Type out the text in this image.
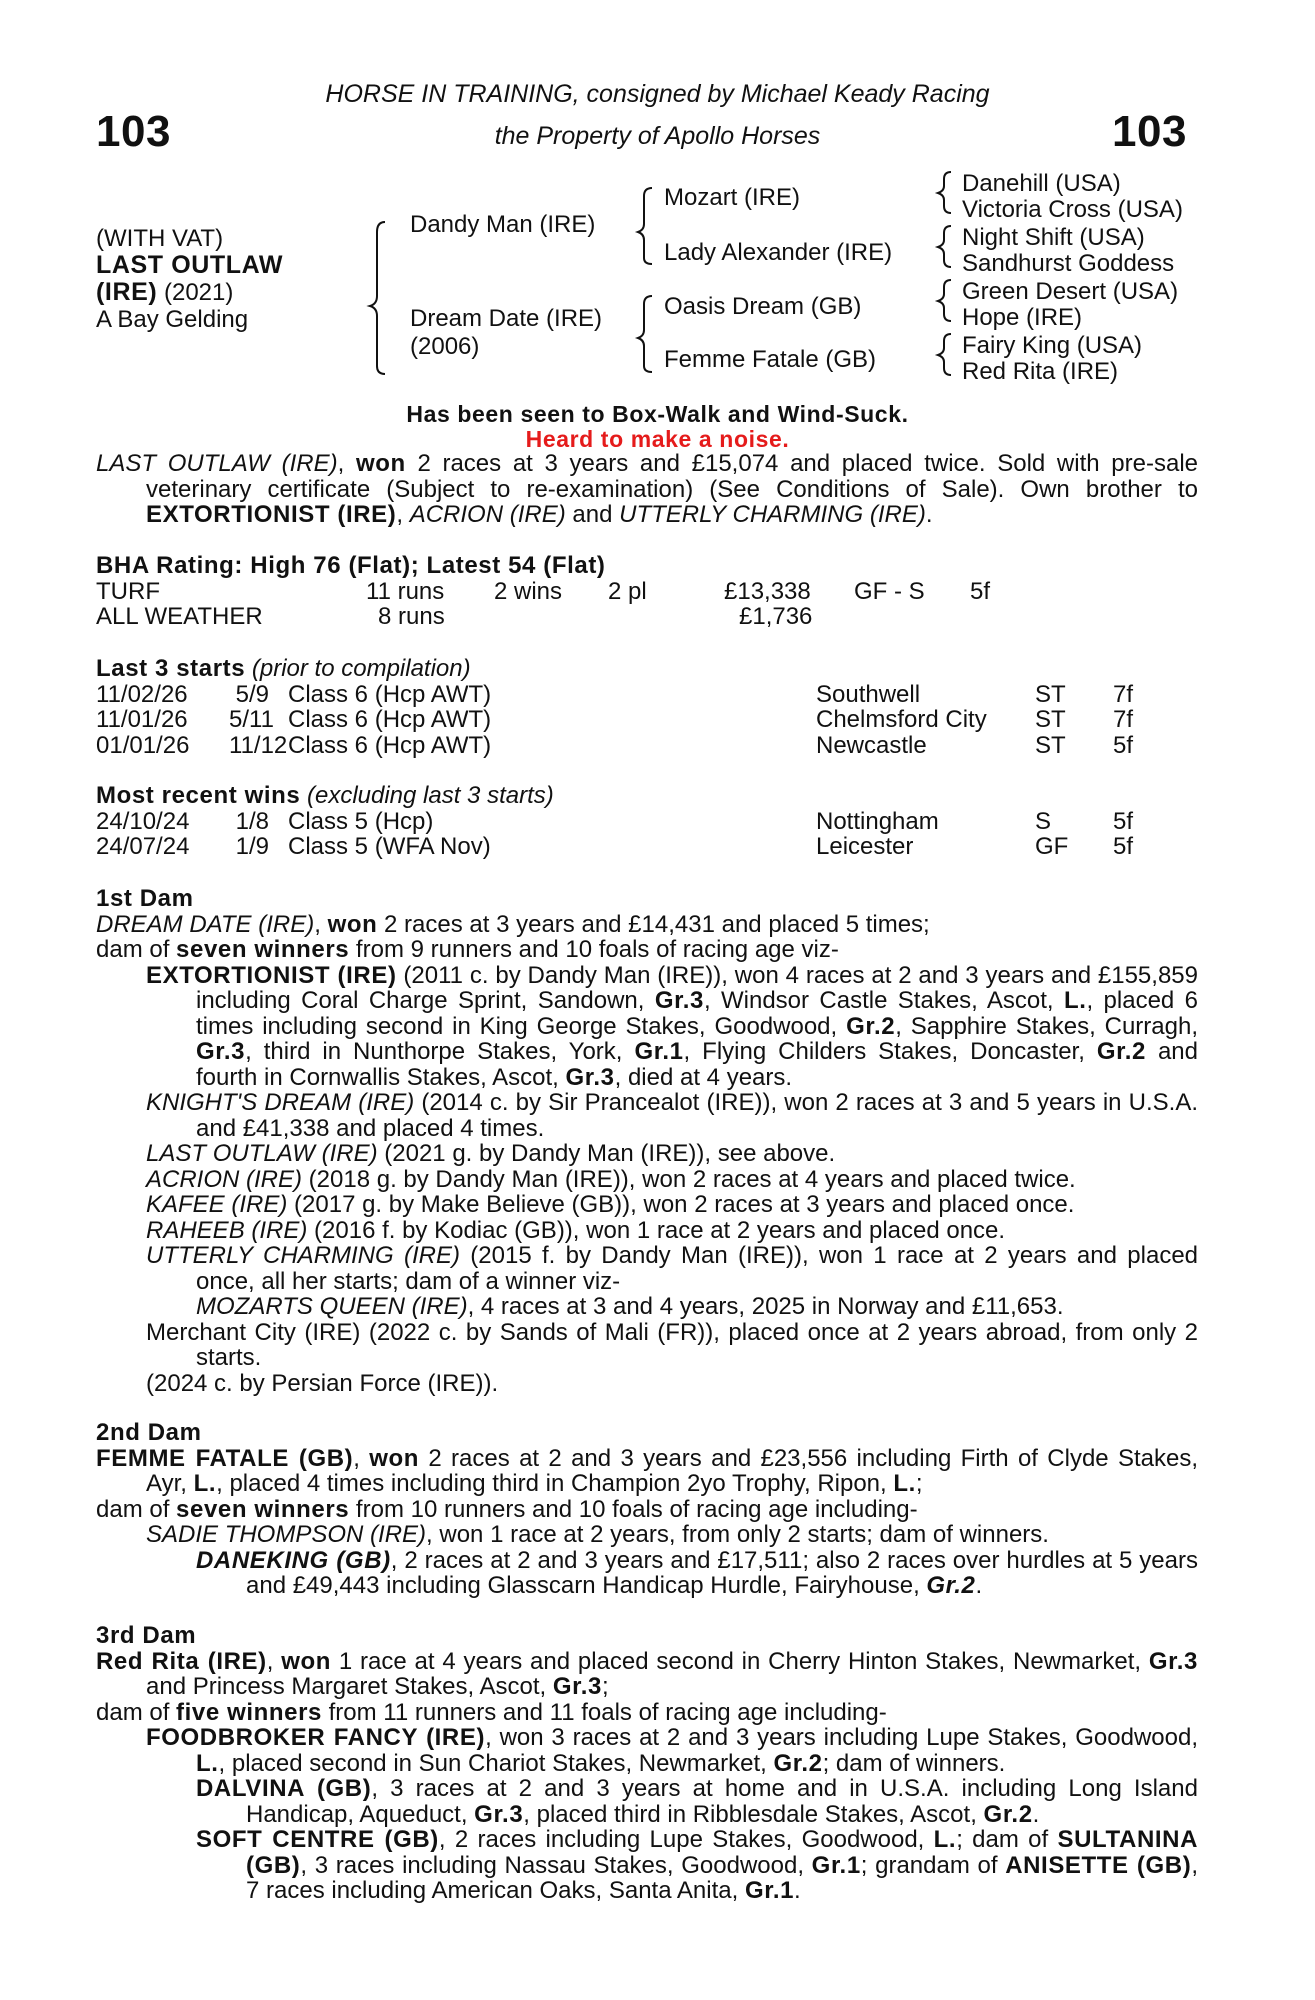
103	103
HORSE IN TRAINING, consigned by Michael Keady Racing
the Property of Apollo Horses
(WITH VAT)
LAST OUTLAW
(IRE) (2021)
A Bay Gelding
Dandy Man (IRE)
Dream Date (IRE)
(2006)
Mozart (IRE)
Lady Alexander (IRE)
Oasis Dream (GB)
Femme Fatale (GB)
Danehill (USA)
Victoria Cross (USA)
Night Shift (USA)
Sandhurst Goddess
Green Desert (USA)
Hope (IRE)
Fairy King (USA)
Red Rita (IRE)
Has been seen to Box-Walk and Wind-Suck.
Heard to make a noise.

LAST OUTLAW (IRE), won 2 races at 3 years and £15,074 and placed twice. Sold with pre-sale veterinary certificate (Subject to re-examination) (See Conditions of Sale). Own brother to EXTORTIONIST (IRE), ACRION (IRE) and UTTERLY CHARMING (IRE).

BHA Rating: High 76 (Flat); Latest 54 (Flat)
TURF	11 runs 2 wins 2 pl	£13,338 GF - S 5f
ALL WEATHER	8 runs	£1,736
Last 3 starts (prior to compilation)
11/02/26 5/9 Class 6 (Hcp AWT)	Southwell	ST 7f
11/01/26 5/11 Class 6 (Hcp AWT)	Chelmsford City ST 7f
01/01/26 11/12 Class 6 (Hcp AWT)	Newcastle	ST 5f
Most recent wins (excluding last 3 starts)
24/10/24 1/8 Class 5 (Hcp)	Nottingham	S	5f
24/07/24 1/9 Class 5 (WFA Nov)	Leicester	GF 5f
1st Dam

DREAM DATE (IRE), won 2 races at 3 years and £14,431 and placed 5 times;

dam of seven winners from 9 runners and 10 foals of racing age viz-

EXTORTIONIST (IRE) (2011 c. by Dandy Man (IRE)), won 4 races at 2 and 3 years and £155,859 including Coral Charge Sprint, Sandown, Gr.3, Windsor Castle Stakes, Ascot, L., placed 6 times including second in King George Stakes, Goodwood, Gr.2, Sapphire Stakes, Curragh, Gr.3, third in Nunthorpe Stakes, York, Gr.1, Flying Childers Stakes, Doncaster, Gr.2 and fourth in Cornwallis Stakes, Ascot, Gr.3, died at 4 years.

KNIGHT'S DREAM (IRE) (2014 c. by Sir Prancealot (IRE)), won 2 races at 3 and 5 years in U.S.A. and £41,338 and placed 4 times.

LAST OUTLAW (IRE) (2021 g. by Dandy Man (IRE)), see above.

ACRION (IRE) (2018 g. by Dandy Man (IRE)), won 2 races at 4 years and placed twice.

KAFEE (IRE) (2017 g. by Make Believe (GB)), won 2 races at 3 years and placed once.

RAHEEB (IRE) (2016 f. by Kodiac (GB)), won 1 race at 2 years and placed once.

UTTERLY CHARMING (IRE) (2015 f. by Dandy Man (IRE)), won 1 race at 2 years and placed once, all her starts; dam of a winner viz-

MOZARTS QUEEN (IRE), 4 races at 3 and 4 years, 2025 in Norway and £11,653.

Merchant City (IRE) (2022 c. by Sands of Mali (FR)), placed once at 2 years abroad, from only 2 starts.

(2024 c. by Persian Force (IRE)).

2nd Dam

FEMME FATALE (GB), won 2 races at 2 and 3 years and £23,556 including Firth of Clyde Stakes, Ayr, L., placed 4 times including third in Champion 2yo Trophy, Ripon, L.;

dam of seven winners from 10 runners and 10 foals of racing age including-

SADIE THOMPSON (IRE), won 1 race at 2 years, from only 2 starts; dam of winners.

DANEKING (GB), 2 races at 2 and 3 years and £17,511; also 2 races over hurdles at 5 years and £49,443 including Glasscarn Handicap Hurdle, Fairyhouse, Gr.2.

3rd Dam

Red Rita (IRE), won 1 race at 4 years and placed second in Cherry Hinton Stakes, Newmarket, Gr.3 and Princess Margaret Stakes, Ascot, Gr.3;

dam of five winners from 11 runners and 11 foals of racing age including-

FOODBROKER FANCY (IRE), won 3 races at 2 and 3 years including Lupe Stakes, Goodwood, L., placed second in Sun Chariot Stakes, Newmarket, Gr.2; dam of winners.

DALVINA (GB), 3 races at 2 and 3 years at home and in U.S.A. including Long Island Handicap, Aqueduct, Gr.3, placed third in Ribblesdale Stakes, Ascot, Gr.2.

SOFT CENTRE (GB), 2 races including Lupe Stakes, Goodwood, L.; dam of SULTANINA (GB), 3 races including Nassau Stakes, Goodwood, Gr.1; grandam of ANISETTE (GB), 7 races including American Oaks, Santa Anita, Gr.1.
